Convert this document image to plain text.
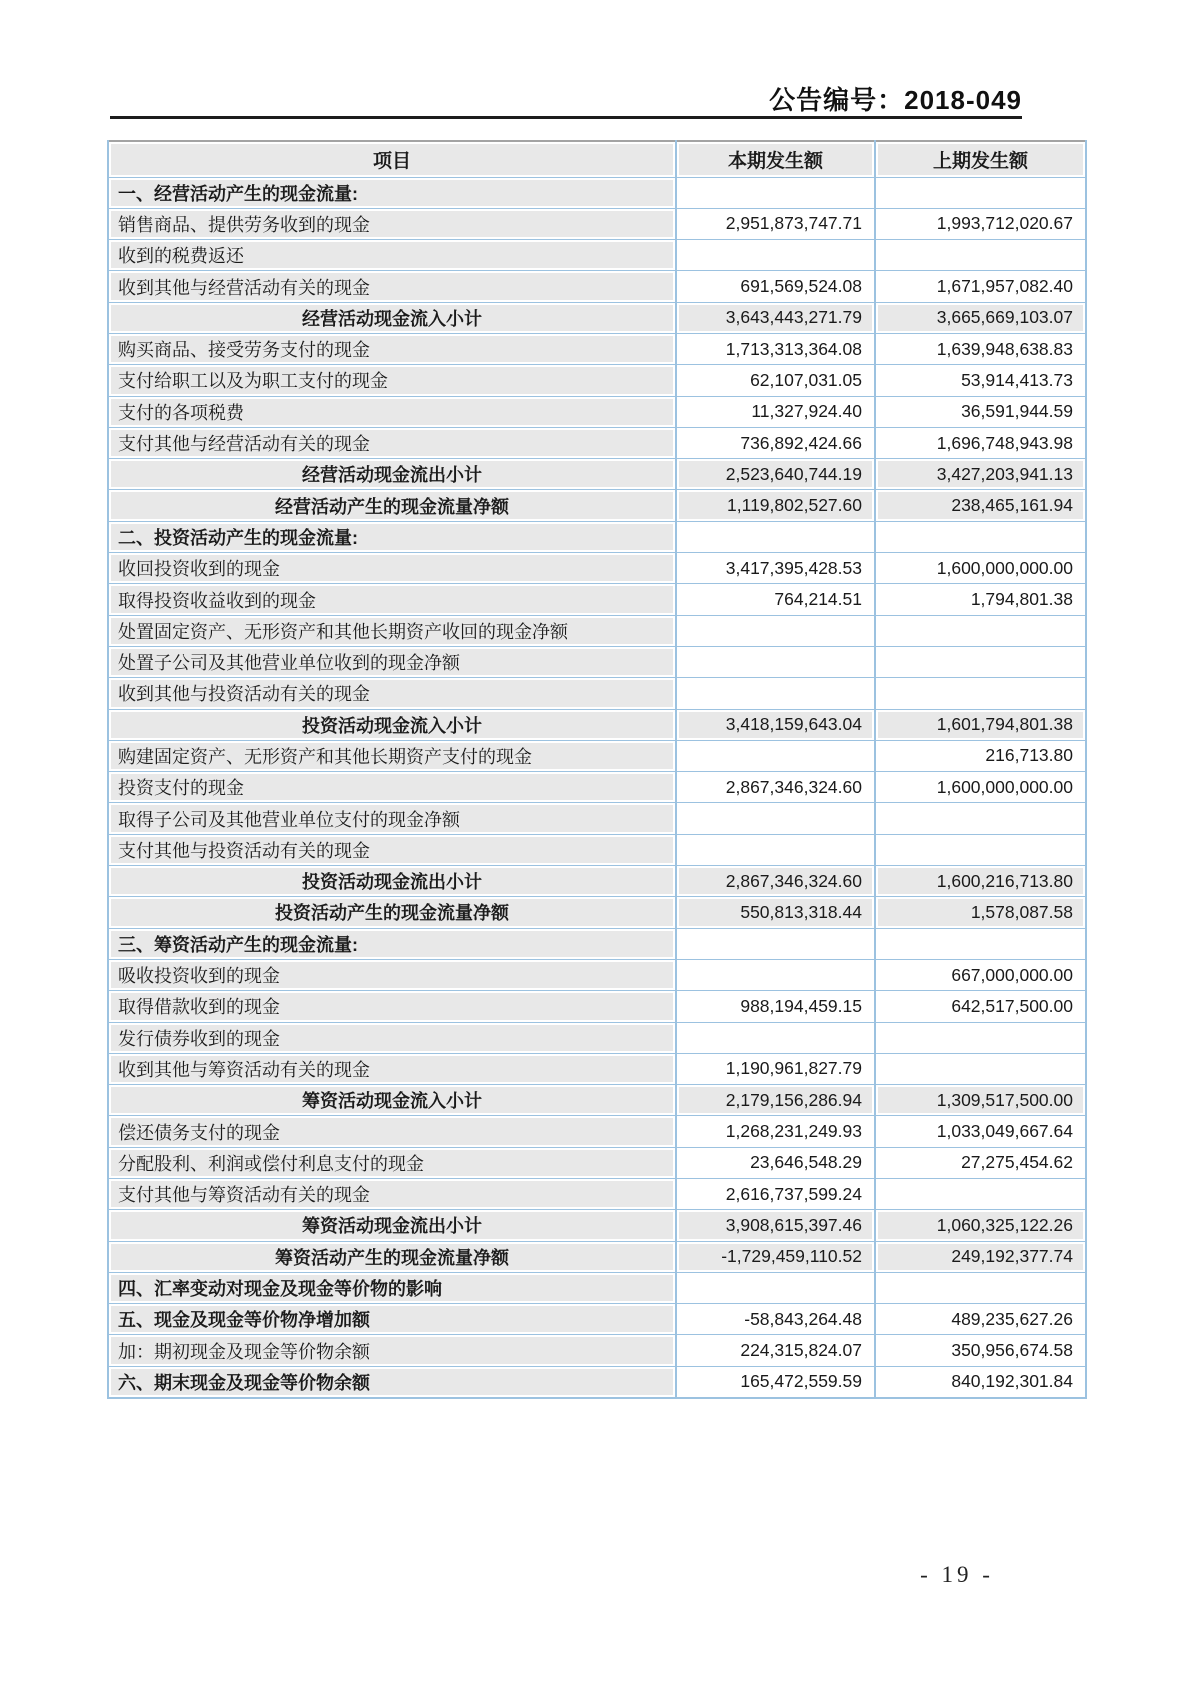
公告编号：2018-049
项目	本期发生额	上期发生额
一、经营活动产生的现金流量:		
销售商品、提供劳务收到的现金	2,951,873,747.71	1,993,712,020.67
收到的税费返还		
收到其他与经营活动有关的现金	691,569,524.08	1,671,957,082.40
经营活动现金流入小计	3,643,443,271.79	3,665,669,103.07
购买商品、接受劳务支付的现金	1,713,313,364.08	1,639,948,638.83
支付给职工以及为职工支付的现金	62,107,031.05	53,914,413.73
支付的各项税费	11,327,924.40	36,591,944.59
支付其他与经营活动有关的现金	736,892,424.66	1,696,748,943.98
经营活动现金流出小计	2,523,640,744.19	3,427,203,941.13
经营活动产生的现金流量净额	1,119,802,527.60	238,465,161.94
二、投资活动产生的现金流量:		
收回投资收到的现金	3,417,395,428.53	1,600,000,000.00
取得投资收益收到的现金	764,214.51	1,794,801.38
处置固定资产、无形资产和其他长期资产收回的现金净额		
处置子公司及其他营业单位收到的现金净额		
收到其他与投资活动有关的现金		
投资活动现金流入小计	3,418,159,643.04	1,601,794,801.38
购建固定资产、无形资产和其他长期资产支付的现金		216,713.80
投资支付的现金	2,867,346,324.60	1,600,000,000.00
取得子公司及其他营业单位支付的现金净额		
支付其他与投资活动有关的现金		
投资活动现金流出小计	2,867,346,324.60	1,600,216,713.80
投资活动产生的现金流量净额	550,813,318.44	1,578,087.58
三、筹资活动产生的现金流量:		
吸收投资收到的现金		667,000,000.00
取得借款收到的现金	988,194,459.15	642,517,500.00
发行债券收到的现金		
收到其他与筹资活动有关的现金	1,190,961,827.79	
筹资活动现金流入小计	2,179,156,286.94	1,309,517,500.00
偿还债务支付的现金	1,268,231,249.93	1,033,049,667.64
分配股利、利润或偿付利息支付的现金	23,646,548.29	27,275,454.62
支付其他与筹资活动有关的现金	2,616,737,599.24	
筹资活动现金流出小计	3,908,615,397.46	1,060,325,122.26
筹资活动产生的现金流量净额	-1,729,459,110.52	249,192,377.74
四、汇率变动对现金及现金等价物的影响		
五、现金及现金等价物净增加额	-58,843,264.48	489,235,627.26
加：期初现金及现金等价物余额	224,315,824.07	350,956,674.58
六、期末现金及现金等价物余额	165,472,559.59	840,192,301.84
- 19 -
